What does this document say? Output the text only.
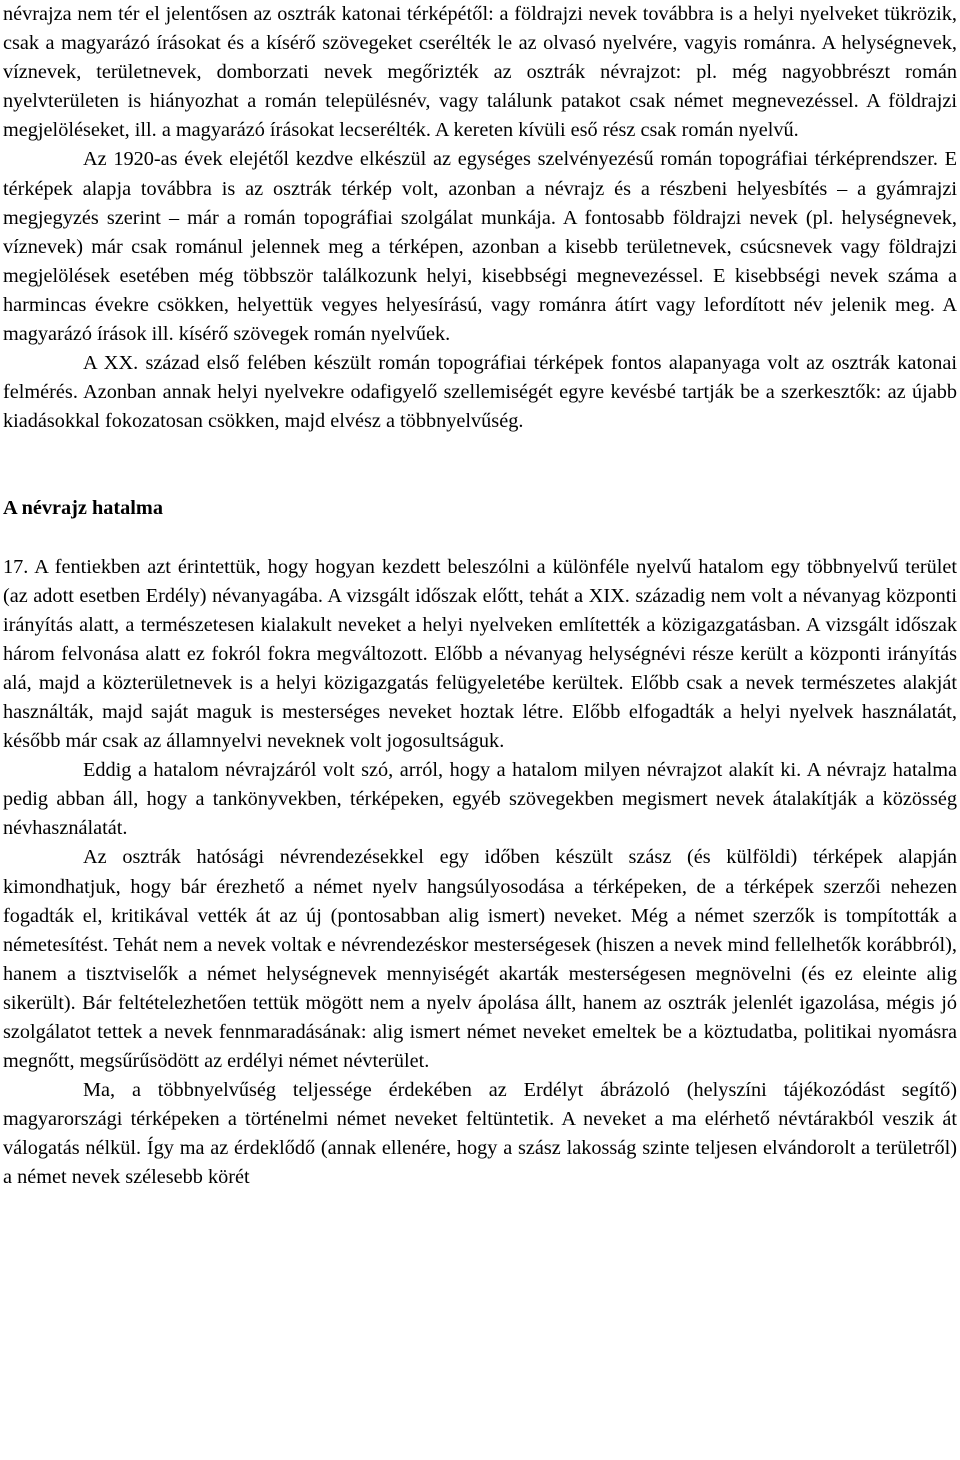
névrajza nem tér el jelentősen az osztrák katonai térképétől: a földrajzi nevek továbbra is a helyi nyelveket tükrözik, csak a magyarázó írásokat és a kísérő szövegeket cserélték le az olvasó nyelvére, vagyis románra. A helységnevek, víznevek, területnevek, domborzati nevek megőrizték az osztrák névrajzot: pl. még nagyobbrészt román nyelvterületen is hiányozhat a román településnév, vagy találunk patakot csak német megnevezéssel. A földrajzi megjelöléseket, ill. a magyarázó írásokat lecserélték. A kereten kívüli eső rész csak román nyelvű.

Az 1920-as évek elejétől kezdve elkészül az egységes szelvényezésű román topográfiai térképrendszer. E térképek alapja továbbra is az osztrák térkép volt, azonban a névrajz és a részbeni helyesbítés – a gyámrajzi megjegyzés szerint – már a román topográfiai szolgálat munkája. A fontosabb földrajzi nevek (pl. helységnevek, víznevek) már csak románul jelennek meg a térképen, azonban a kisebb területnevek, csúcsnevek vagy földrajzi megjelölések esetében még többször találkozunk helyi, kisebbségi megnevezéssel. E kisebbségi nevek száma a harmincas évekre csökken, helyettük vegyes helyesírású, vagy románra átírt vagy lefordított név jelenik meg. A magyarázó írások ill. kísérő szövegek román nyelvűek.

A XX. század első felében készült román topográfiai térképek fontos alapanyaga volt az osztrák katonai felmérés. Azonban annak helyi nyelvekre odafigyelő szellemiségét egyre kevésbé tartják be a szerkesztők: az újabb kiadásokkal fokozatosan csökken, majd elvész a többnyelvűség.

A névrajz hatalma

17. A fentiekben azt érintettük, hogy hogyan kezdett beleszólni a különféle nyelvű hatalom egy többnyelvű terület (az adott esetben Erdély) névanyagába. A vizsgált időszak előtt, tehát a XIX. századig nem volt a névanyag központi irányítás alatt, a természetesen kialakult neveket a helyi nyelveken említették a közigazgatásban. A vizsgált időszak három felvonása alatt ez fokról fokra megváltozott. Előbb a névanyag helységnévi része került a központi irányítás alá, majd a közterületnevek is a helyi közigazgatás felügyeletébe kerültek. Előbb csak a nevek természetes alakját használták, majd saját maguk is mesterséges neveket hoztak létre. Előbb elfogadták a helyi nyelvek használatát, később már csak az államnyelvi neveknek volt jogosultságuk.

Eddig a hatalom névrajzáról volt szó, arról, hogy a hatalom milyen névrajzot alakít ki. A névrajz hatalma pedig abban áll, hogy a tankönyvekben, térképeken, egyéb szövegekben megismert nevek átalakítják a közösség névhasználatát.

Az osztrák hatósági névrendezésekkel egy időben készült szász (és külföldi) térképek alapján kimondhatjuk, hogy bár érezhető a német nyelv hangsúlyosodása a térképeken, de a térképek szerzői nehezen fogadták el, kritikával vették át az új (pontosabban alig ismert) neveket. Még a német szerzők is tompították a németesítést. Tehát nem a nevek voltak e névrendezéskor mesterségesek (hiszen a nevek mind fellelhetők korábbról), hanem a tisztviselők a német helységnevek mennyiségét akarták mesterségesen megnövelni (és ez eleinte alig sikerült). Bár feltételezhetően tettük mögött nem a nyelv ápolása állt, hanem az osztrák jelenlét igazolása, mégis jó szolgálatot tettek a nevek fennmaradásának: alig ismert német neveket emeltek be a köztudatba, politikai nyomásra megnőtt, megsűrűsödött az erdélyi német névterület.

Ma, a többnyelvűség teljessége érdekében az Erdélyt ábrázoló (helyszíni tájékozódást segítő) magyarországi térképeken a történelmi német neveket feltüntetik. A neveket a ma elérhető névtárakból veszik át válogatás nélkül. Így ma az érdeklődő (annak ellenére, hogy a szász lakosság szinte teljesen elvándorolt a területről) a német nevek szélesebb körét
